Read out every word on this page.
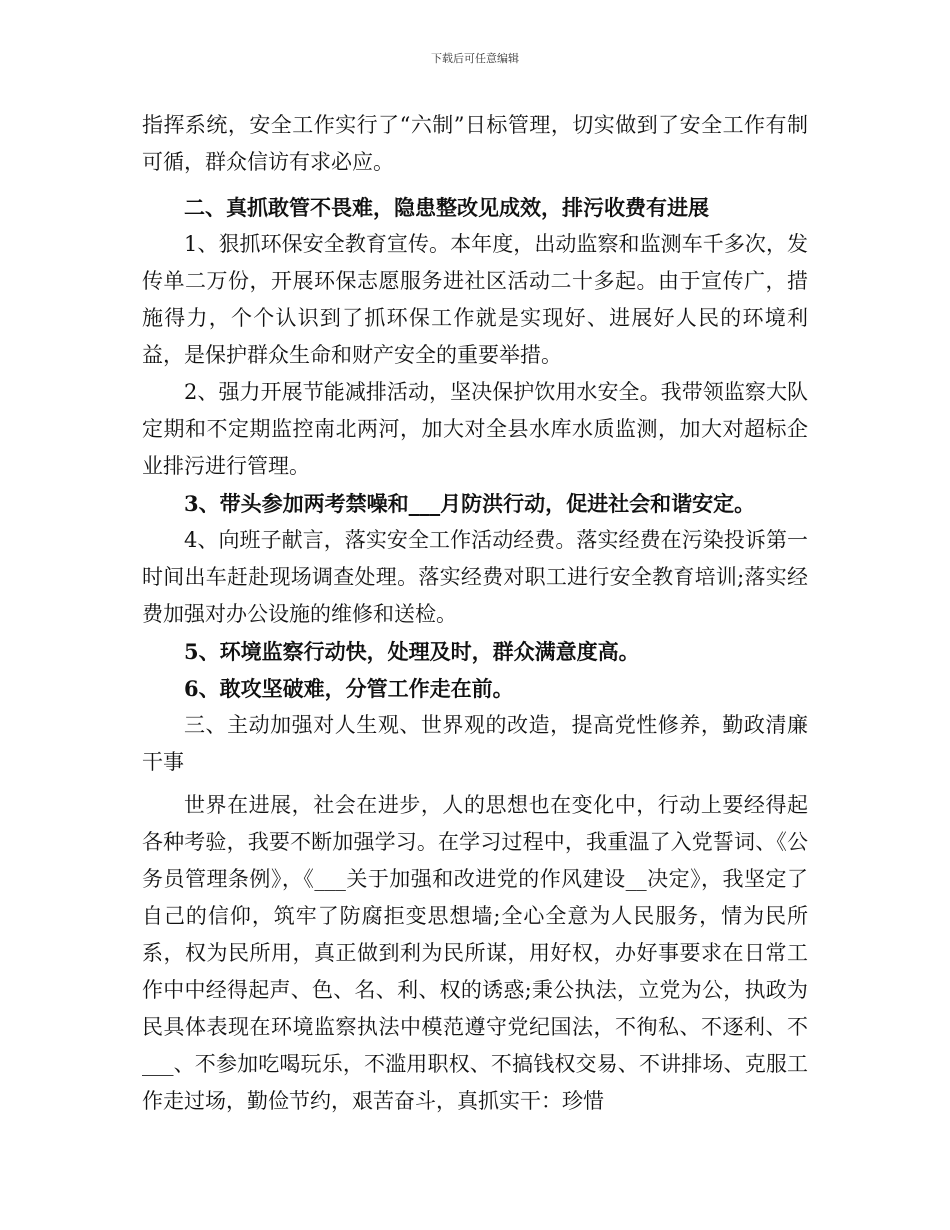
下载后可任意编辑

指挥系统，安全工作实行了“六制”日标管理，切实做到了安全工作有制可循，群众信访有求必应。

二、真抓敢管不畏难，隐患整改见成效，排污收费有进展

1、狠抓环保安全教育宣传。本年度，出动监察和监测车千多次，发传单二万份，开展环保志愿服务进社区活动二十多起。由于宣传广，措施得力，个个认识到了抓环保工作就是实现好、进展好人民的环境利益，是保护群众生命和财产安全的重要举措。

2、强力开展节能减排活动，坚决保护饮用水安全。我带领监察大队定期和不定期监控南北两河，加大对全县水库水质监测，加大对超标企业排污进行管理。

3、带头参加两考禁噪和___月防洪行动，促进社会和谐安定。

4、向班子献言，落实安全工作活动经费。落实经费在污染投诉第一时间出车赶赴现场调查处理。落实经费对职工进行安全教育培训;落实经费加强对办公设施的维修和送检。

5、环境监察行动快，处理及时，群众满意度高。

6、敢攻坚破难，分管工作走在前。

三、主动加强对人生观、世界观的改造，提高党性修养，勤政清廉干事

世界在进展，社会在进步，人的思想也在变化中，行动上要经得起各种考验，我要不断加强学习。在学习过程中，我重温了入党誓词、《公务员管理条例》，《___关于加强和改进党的作风建设__决定》，我坚定了自己的信仰，筑牢了防腐拒变思想墙;全心全意为人民服务，情为民所系，权为民所用，真正做到利为民所谋，用好权，办好事要求在日常工作中中经得起声、色、名、利、权的诱惑;秉公执法，立党为公，执政为民具体表现在环境监察执法中模范遵守党纪国法，不徇私、不逐利、不___、不参加吃喝玩乐，不滥用职权、不搞钱权交易、不讲排场、克服工作走过场，勤俭节约，艰苦奋斗，真抓实干：珍惜
